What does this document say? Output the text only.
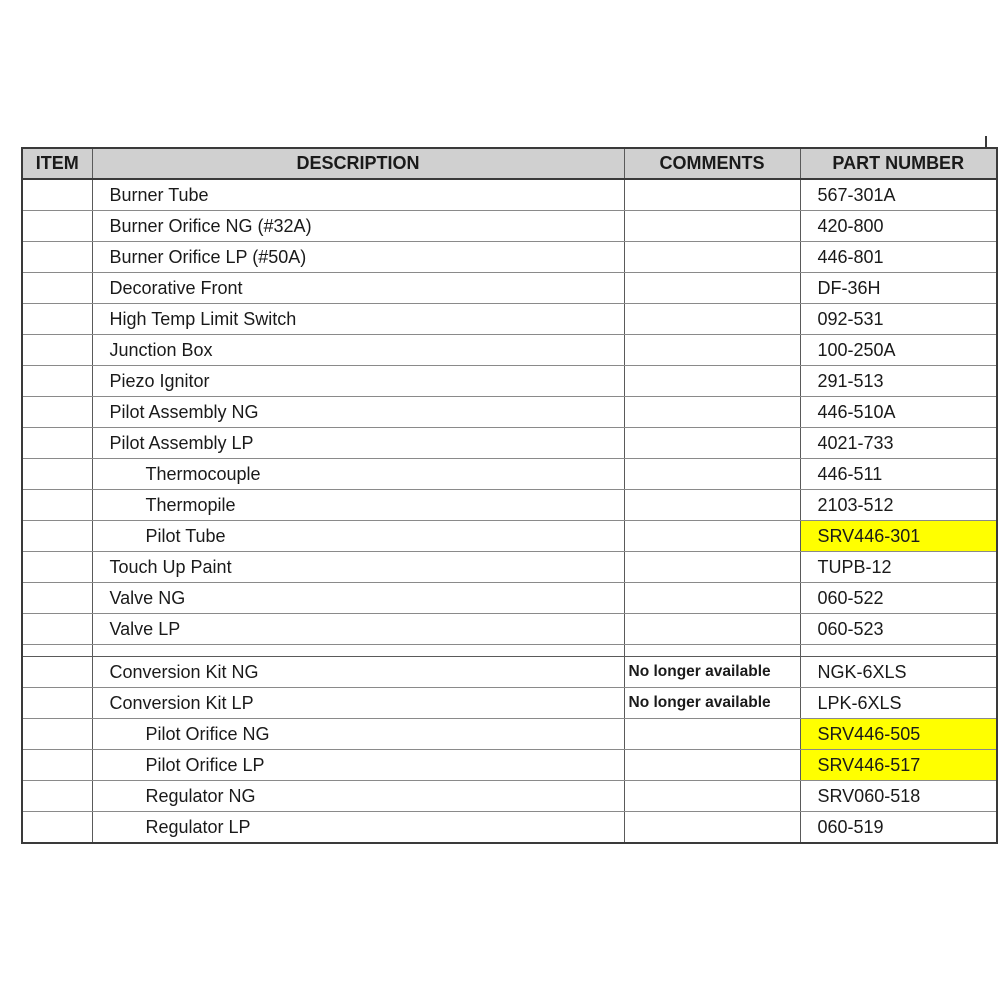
ITEM	DESCRIPTION	COMMENTS	PART NUMBER
	Burner Tube		567-301A
	Burner Orifice NG (#32A)		420-800
	Burner Orifice LP (#50A)		446-801
	Decorative Front		DF-36H
	High Temp Limit Switch		092-531
	Junction Box		100-250A
	Piezo Ignitor		291-513
	Pilot Assembly NG		446-510A
	Pilot Assembly LP		4021-733
	Thermocouple		446-511
	Thermopile		2103-512
	Pilot Tube		SRV446-301
	Touch Up Paint		TUPB-12
	Valve NG		060-522
	Valve LP		060-523

	Conversion Kit NG	No longer available	NGK-6XLS
	Conversion Kit LP	No longer available	LPK-6XLS
	Pilot Orifice NG		SRV446-505
	Pilot Orifice LP		SRV446-517
	Regulator NG		SRV060-518
	Regulator LP		060-519
